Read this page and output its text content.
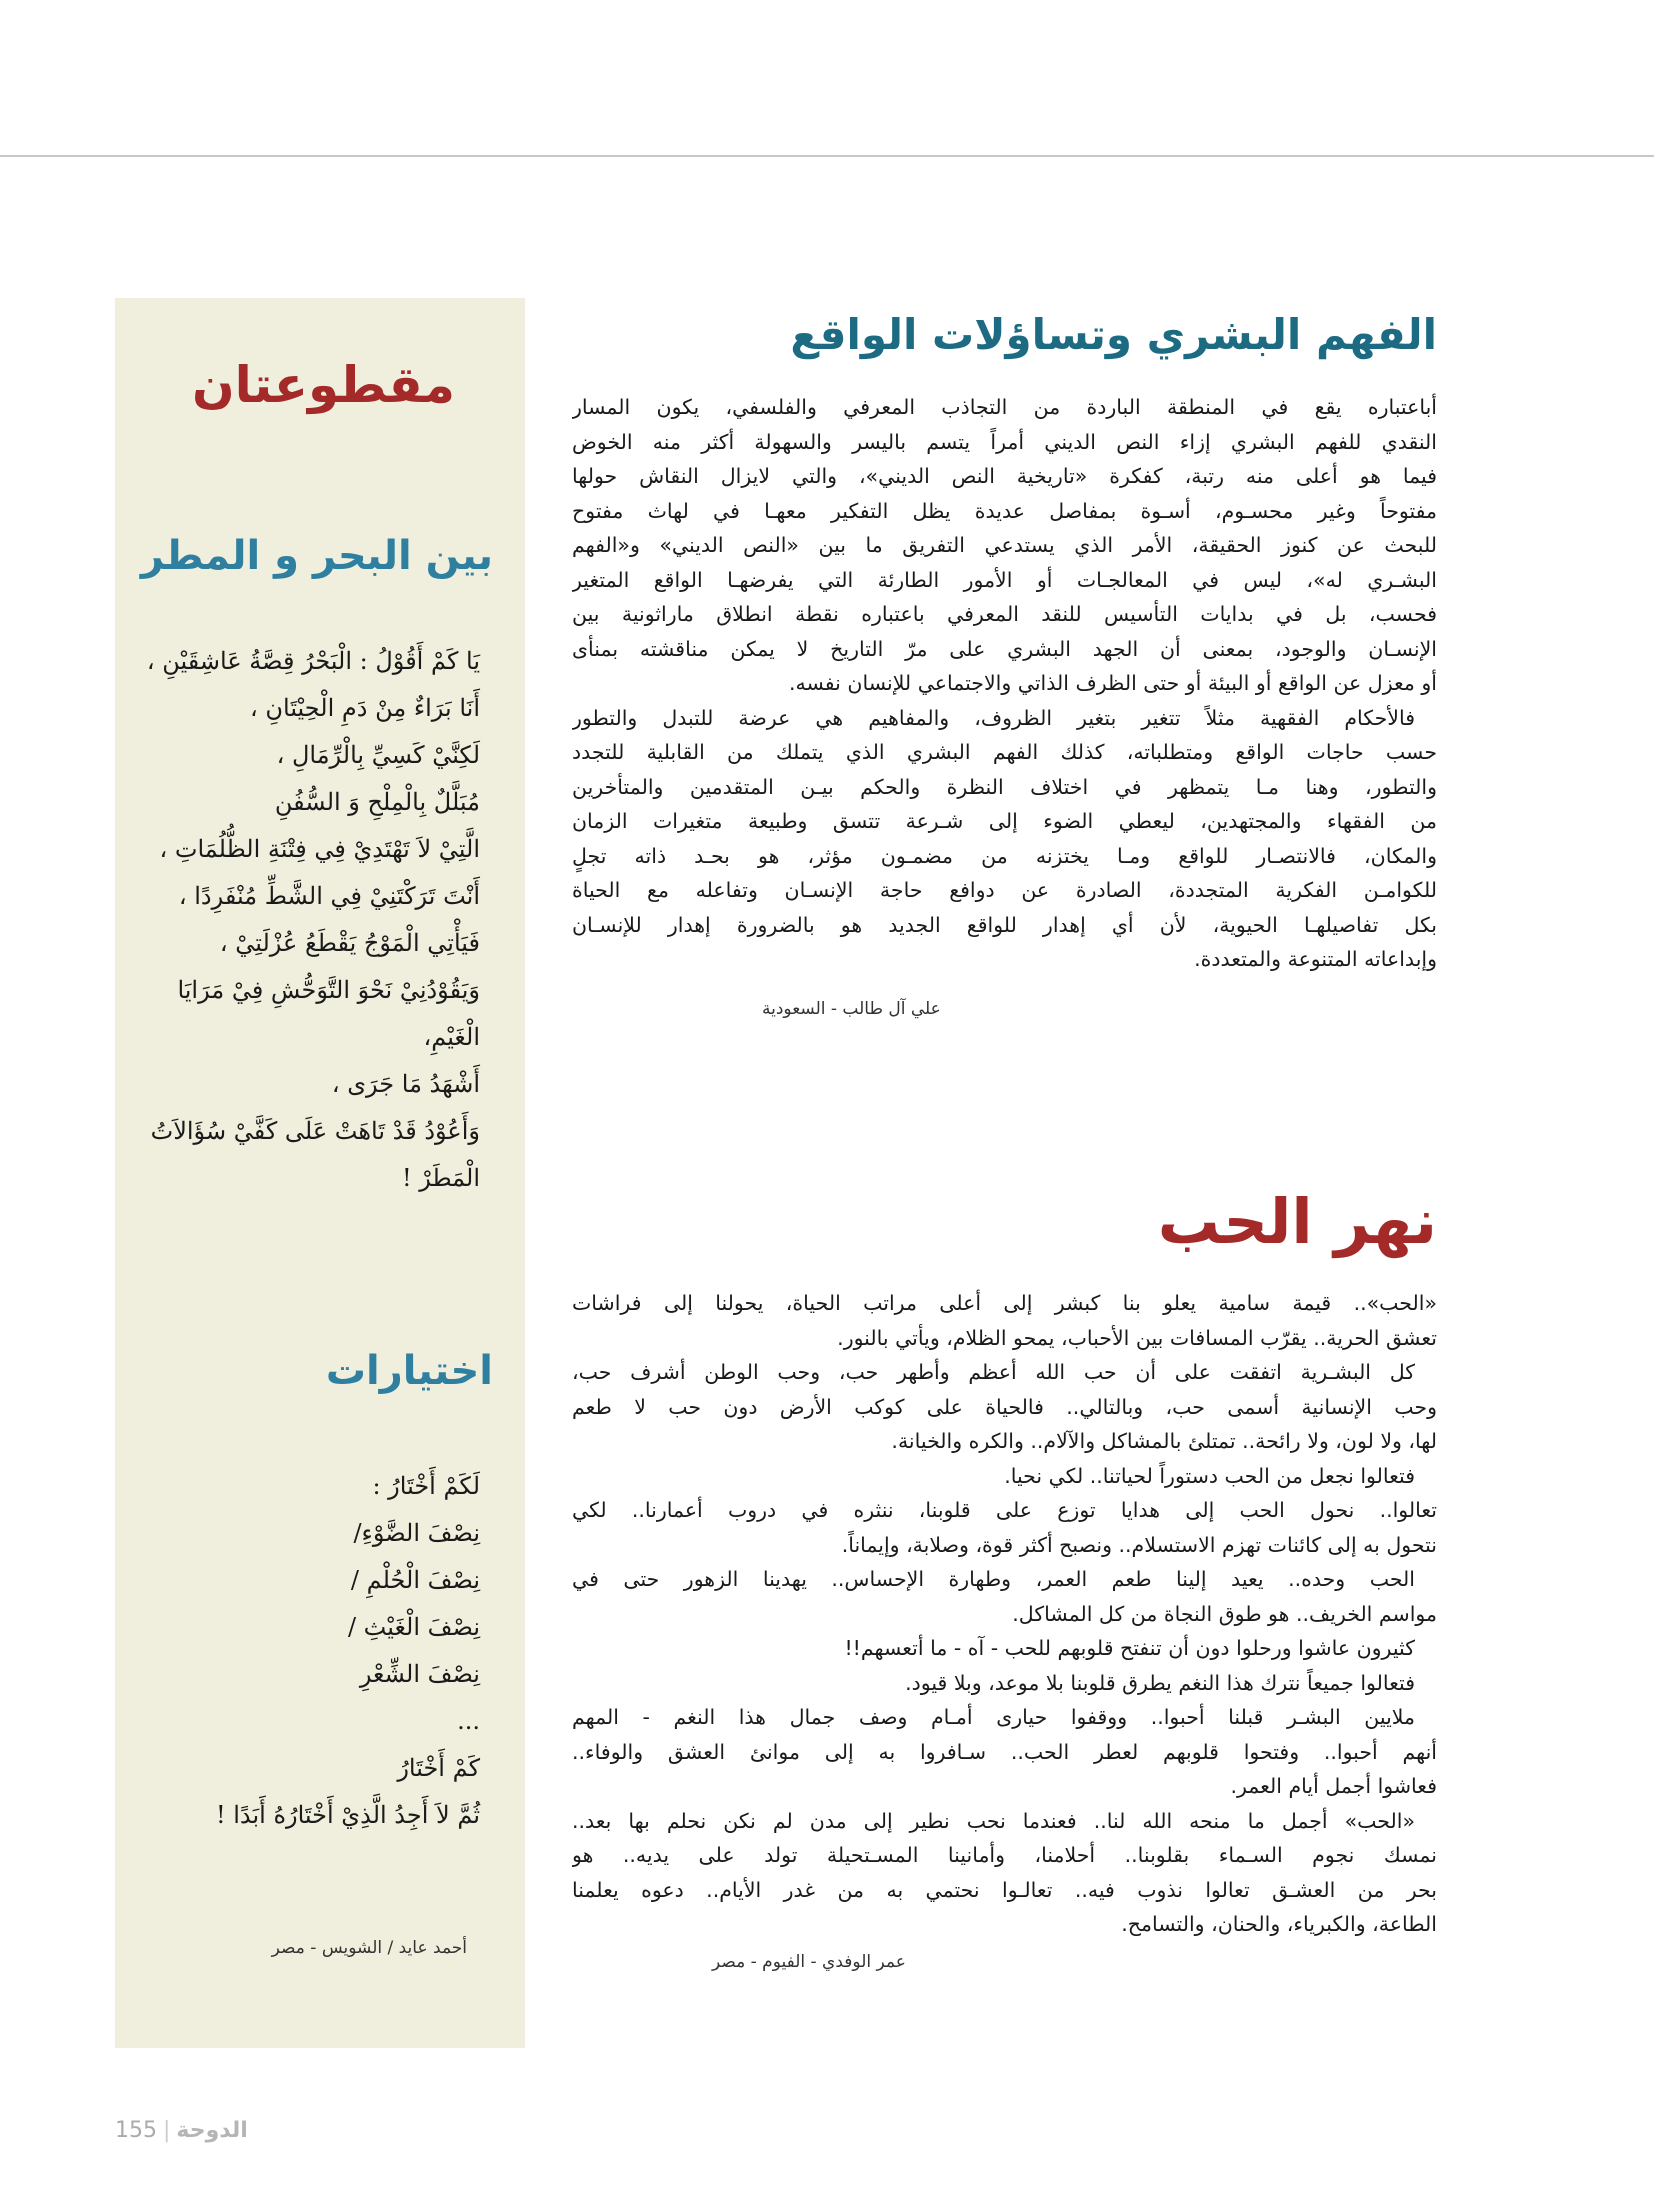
مقطوعتان
بين البحر و المطر
يَا كَمْ أَقُوْلُ : الْبَحْرُ قِصَّةُ عَاشِقَيْنِ ،
أَنَا بَرَاءٌ مِنْ دَمِ الْحِيْتَانِ ،
لَكِنَّيْ كَسِيِّ بِالْرِّمَالِ ،
مُبَلَّلٌ بِالْمِلْحِ وَ السُّفُنِ
الَّتِيْ لاَ تَهْتَدِيْ فِي فِتْنَةِ الظُّلُمَاتِ ،
أَنْتَ تَرَكْتَنِيْ فِي الشَّطِّ مُنْفَرِدًا ،
فَيَأْتِي الْمَوْجُ يَقْطَعُ عُزْلَتِيْ ،
وَيَقُوْدُنِيْ نَحْوَ التَّوَحُّشِ فِيْ مَرَايَا
الْغَيْمِ،
أَشْهَدُ مَا جَرَى ،
وَأَعُوْدُ قَدْ تَاهَتْ عَلَى كَفَّيْ سُؤَالاَتُ
الْمَطَرْ !
اختيارات
لَكَمْ أَخْتَارُ :
نِصْفَ الضَّوْءِ/
نِصْفَ الْحُلْمِ /
نِصْفَ الْغَيْثِ /
نِصْفَ الشِّعْرِ
...
كَمْ أَخْتَارُ
ثُمَّ لاَ أَجِدُ الَّذِيْ أَخْتَارُهُ أَبَدًا !

أحمد عايد / الشويس - مصر

الفهم البشري وتساؤلات الواقع
أباعتباره يقع في المنطقة الباردة من التجاذب المعرفي والفلسفي، يكون المسار
النقدي للفهم البشري إزاء النص الديني أمراً يتسم باليسر والسهولة أكثر منه الخوض
فيما هو أعلى منه رتبة، كفكرة «تاريخية النص الديني»، والتي لايزال النقاش حولها
مفتوحاً وغير محسـوم، أسـوة بمفاصل عديدة يظل التفكير معهـا في لهاث مفتوح
للبحث عن كنوز الحقيقة، الأمر الذي يستدعي التفريق ما بين «النص الديني» و«الفهم
البشـري له»، ليس في المعالجـات أو الأمور الطارئة التي يفرضهـا الواقع المتغير
فحسب، بل في بدايات التأسيس للنقد المعرفي باعتباره نقطة انطلاق ماراثونية بين
الإنسـان والوجود، بمعنى أن الجهد البشري على مرّ التاريخ لا يمكن مناقشته بمنأى
أو معزل عن الواقع أو البيئة أو حتى الظرف الذاتي والاجتماعي للإنسان نفسه.
فالأحكام الفقهية مثلاً تتغير بتغير الظروف، والمفاهيم هي عرضة للتبدل والتطور
حسب حاجات الواقع ومتطلباته، كذلك الفهم البشري الذي يتملك من القابلية للتجدد
والتطور، وهنا مـا يتمظهر في اختلاف النظرة والحكم بيـن المتقدمين والمتأخرين
من الفقهاء والمجتهدين، ليعطي الضوء إلى شـرعة تتسق وطبيعة متغيرات الزمان
والمكان، فالانتصـار للواقع ومـا يختزنه من مضمـون مؤثر، هو بحـد ذاته تجلٍ
للكوامـن الفكرية المتجددة، الصادرة عن دوافع حاجة الإنسـان وتفاعله مع الحياة
بكل تفاصيلهـا الحيوية، لأن أي إهدار للواقع الجديد هو بالضرورة إهدار للإنسـان
وإبداعاته المتنوعة والمتعددة.

علي آل طالب - السعودية

نهر الحب
«الحب».. قيمة سامية يعلو بنا كبشر إلى أعلى مراتب الحياة، يحولنا إلى فراشات
تعشق الحرية.. يقرّب المسافات بين الأحباب، يمحو الظلام، ويأتي بالنور.
كل البشـرية اتفقت على أن حب الله أعظم وأطهر حب، وحب الوطن أشرف حب،
وحب الإنسانية أسمى حب، وبالتالي.. فالحياة على كوكب الأرض دون حب لا طعم
لها، ولا لون، ولا رائحة.. تمتلئ بالمشاكل والآلام.. والكره والخيانة.
فتعالوا نجعل من الحب دستوراً لحياتنا.. لكي نحيا.
تعالوا.. نحول الحب إلى هدايا توزع على قلوبنا، ننثره في دروب أعمارنا.. لكي
نتحول به إلى كائنات تهزم الاستسلام.. ونصبح أكثر قوة، وصلابة، وإيماناً.
الحب وحده.. يعيد إلينا طعم العمر، وطهارة الإحساس.. يهدينا الزهور حتى في
مواسم الخريف.. هو طوق النجاة من كل المشاكل.
كثيرون عاشوا ورحلوا دون أن تنفتح قلوبهم للحب - آه - ما أتعسهم!!
فتعالوا جميعاً نترك هذا النغم يطرق قلوبنا بلا موعد، وبلا قيود.
ملايين البشـر قبلنا أحبوا.. ووقفوا حيارى أمـام وصف جمال هذا النغم - المهم
أنهم أحبوا.. وفتحوا قلوبهم لعطر الحب.. سـافروا به إلى موانئ العشق والوفاء..
فعاشوا أجمل أيام العمر.
«الحب» أجمل ما منحه الله لنا.. فعندما نحب نطير إلى مدن لم نكن نحلم بها بعد..
نمسك نجوم السـماء بقلوبنا.. أحلامنا، وأمانينا المسـتحيلة تولد على يديه.. هو
بحر من العشـق تعالوا نذوب فيه.. تعالـوا نحتمي به من غدر الأيام.. دعوه يعلمنا
الطاعة، والكبرياء، والحنان، والتسامح.

عمر الوفدي - الفيوم - مصر

155 | الدوحة
